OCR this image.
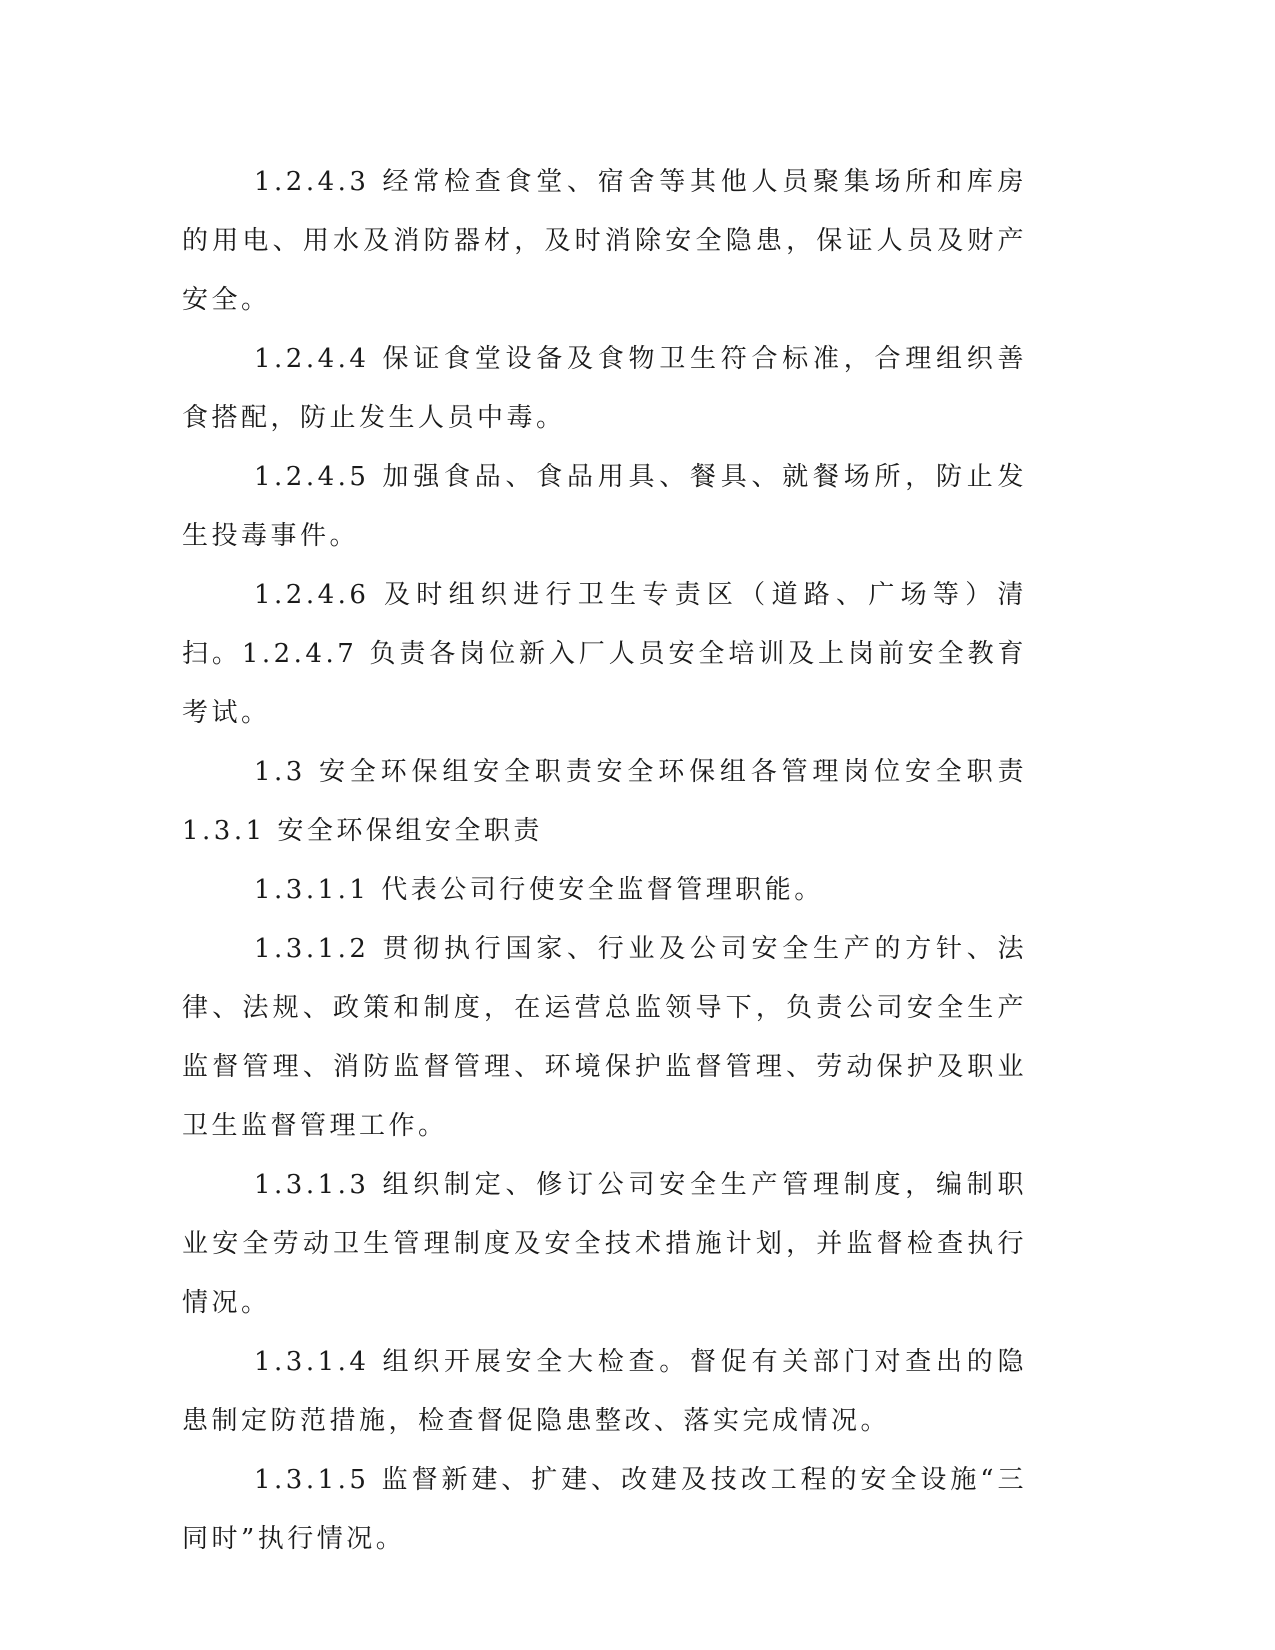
1.2.4.3 经常检查食堂、宿舍等其他人员聚集场所和库房的用电、用水及消防器材，及时消除安全隐患，保证人员及财产安全。

1.2.4.4 保证食堂设备及食物卫生符合标准，合理组织善食搭配，防止发生人员中毒。

1.2.4.5 加强食品、食品用具、餐具、就餐场所，防止发生投毒事件。

1.2.4.6 及时组织进行卫生专责区（道路、广场等）清扫。1.2.4.7 负责各岗位新入厂人员安全培训及上岗前安全教育考试。

1.3 安全环保组安全职责安全环保组各管理岗位安全职责 1.3.1 安全环保组安全职责

1.3.1.1 代表公司行使安全监督管理职能。

1.3.1.2 贯彻执行国家、行业及公司安全生产的方针、法律、法规、政策和制度，在运营总监领导下，负责公司安全生产监督管理、消防监督管理、环境保护监督管理、劳动保护及职业卫生监督管理工作。

1.3.1.3 组织制定、修订公司安全生产管理制度，编制职业安全劳动卫生管理制度及安全技术措施计划，并监督检查执行情况。

1.3.1.4 组织开展安全大检查。督促有关部门对查出的隐患制定防范措施，检查督促隐患整改、落实完成情况。

1.3.1.5 监督新建、扩建、改建及技改工程的安全设施“三同时”执行情况。
